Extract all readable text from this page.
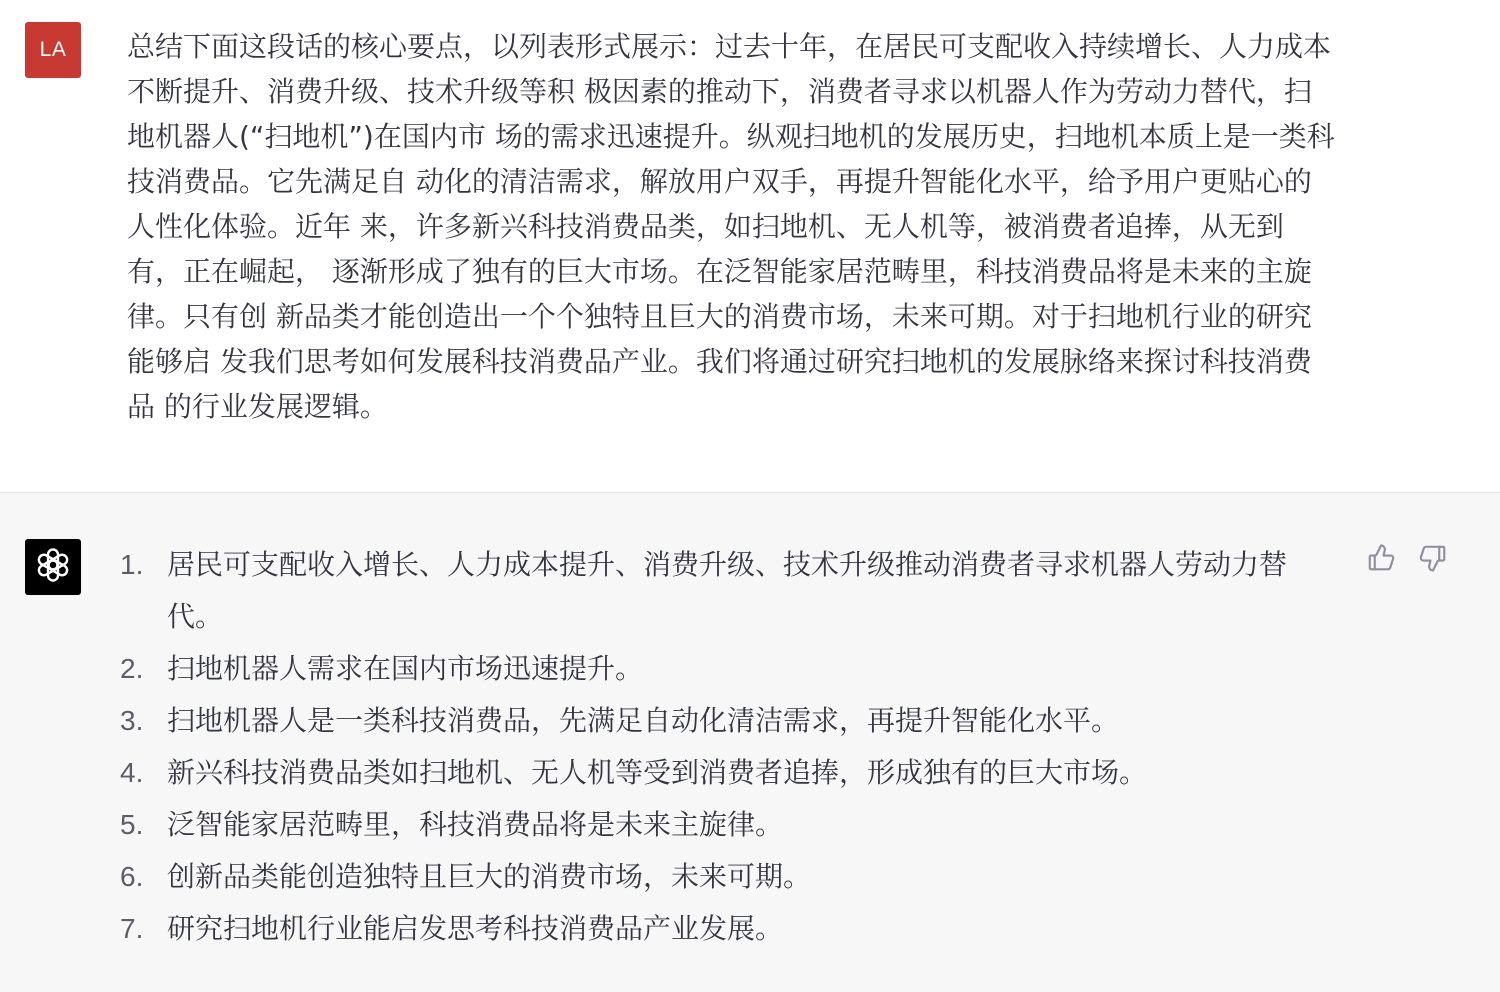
LA	总结下面这段话的核心要点，以列表形式展示：过去十年，在居民可支配收入持续增长、人力成本不断提升、消费升级、技术升级等积 极因素的推动下，消费者寻求以机器人作为劳动力替代，扫地机器人(“扫地机”)在国内市 场的需求迅速提升。纵观扫地机的发展历史，扫地机本质上是一类科技消费品。它先满足自 动化的清洁需求，解放用户双手，再提升智能化水平，给予用户更贴心的人性化体验。近年 来，许多新兴科技消费品类，如扫地机、无人机等，被消费者追捧，从无到有，正在崛起， 逐渐形成了独有的巨大市场。在泛智能家居范畴里，科技消费品将是未来的主旋律。只有创 新品类才能创造出一个个独特且巨大的消费市场，未来可期。对于扫地机行业的研究能够启 发我们思考如何发展科技消费品产业。我们将通过研究扫地机的发展脉络来探讨科技消费品 的行业发展逻辑。
1. 居民可支配收入增长、人力成本提升、消费升级、技术升级推动消费者寻求机器人劳动力替代。
2. 扫地机器人需求在国内市场迅速提升。
3. 扫地机器人是一类科技消费品，先满足自动化清洁需求，再提升智能化水平。
4. 新兴科技消费品类如扫地机、无人机等受到消费者追捧，形成独有的巨大市场。
5. 泛智能家居范畴里，科技消费品将是未来主旋律。
6. 创新品类能创造独特且巨大的消费市场，未来可期。
7. 研究扫地机行业能启发思考科技消费品产业发展。
